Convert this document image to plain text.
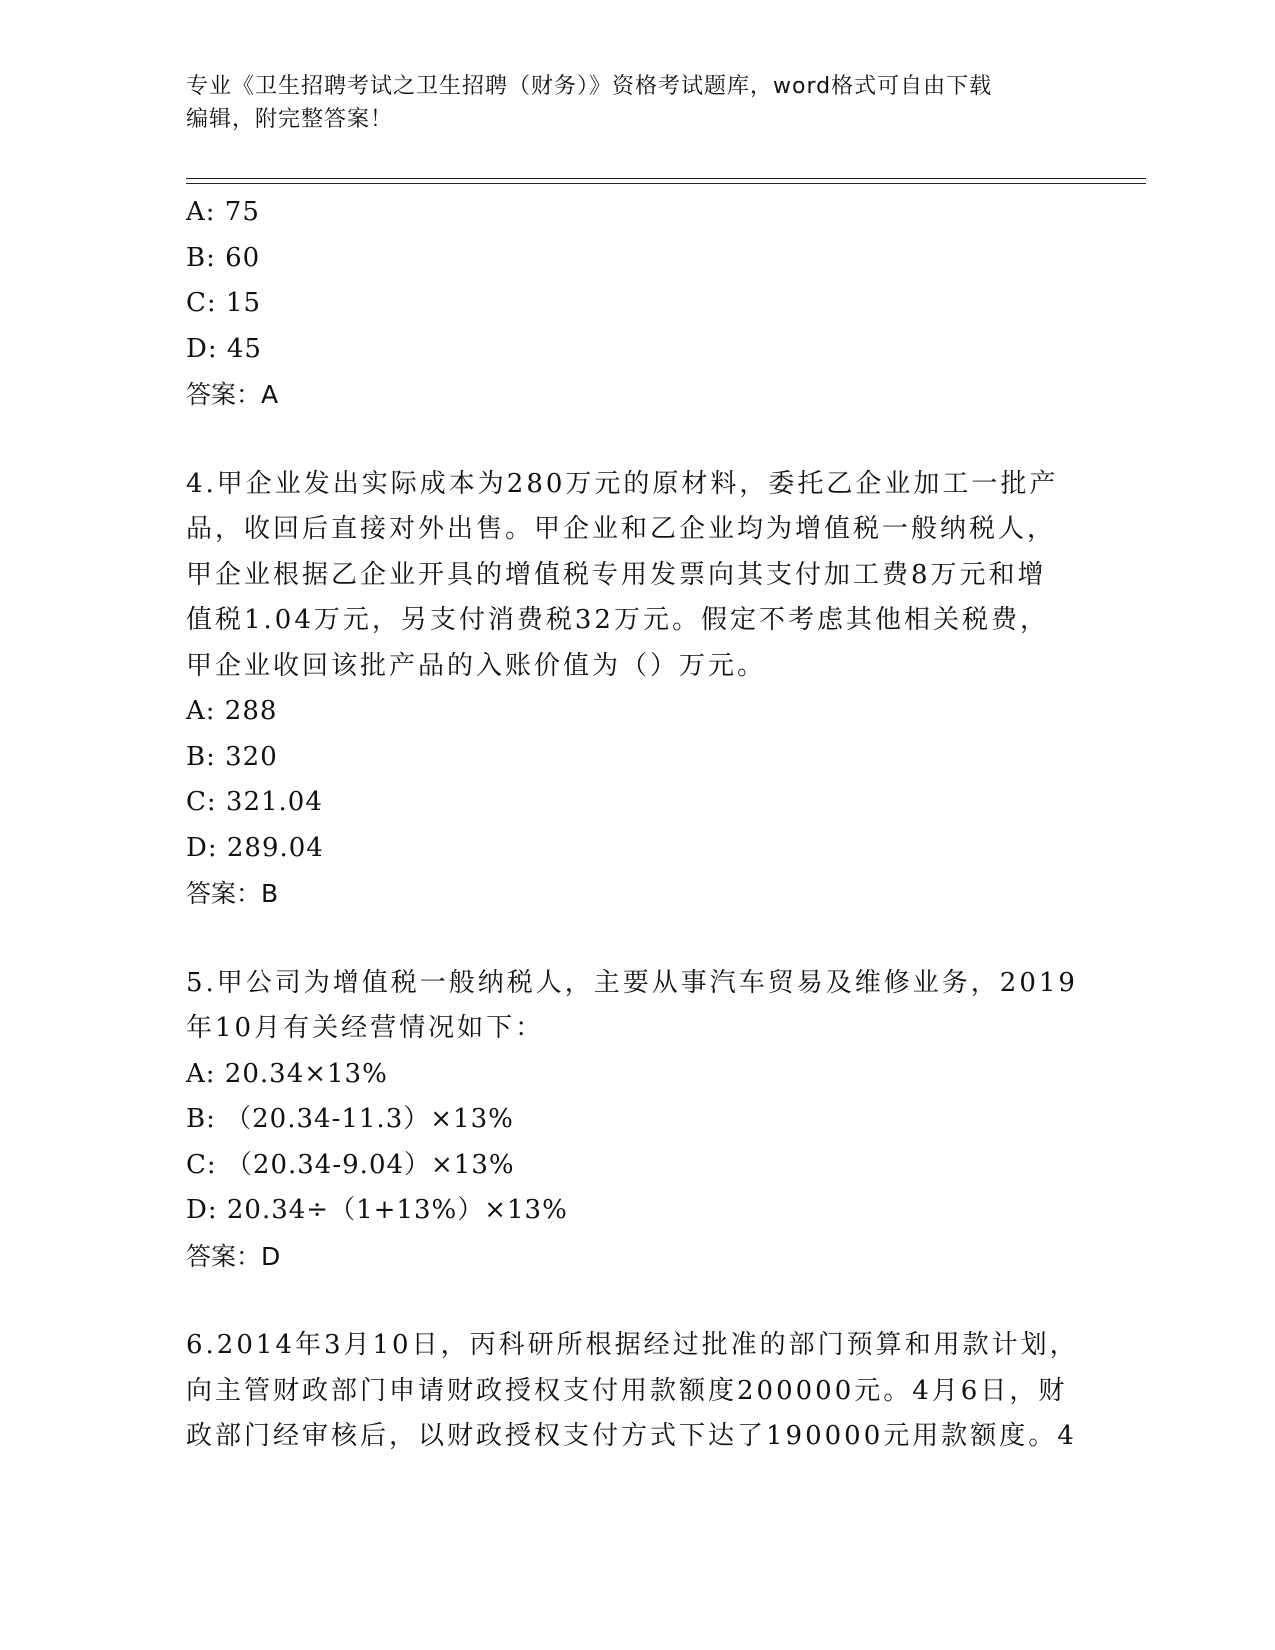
专业《卫生招聘考试之卫生招聘（财务）》资格考试题库，word格式可自由下载
编辑，附完整答案！
A: 75
B: 60
C: 15
D: 45
答案：A
4.甲企业发出实际成本为280万元的原材料，委托乙企业加工一批产
品，收回后直接对外出售。甲企业和乙企业均为增值税一般纳税人，
甲企业根据乙企业开具的增值税专用发票向其支付加工费8万元和增
值税1.04万元，另支付消费税32万元。假定不考虑其他相关税费，
甲企业收回该批产品的入账价值为（）万元。
A: 288
B: 320
C: 321.04
D: 289.04
答案：B
5.甲公司为增值税一般纳税人，主要从事汽车贸易及维修业务，2019
年10月有关经营情况如下：
A: 20.34×13%
B: （20.34-11.3）×13%
C: （20.34-9.04）×13%
D: 20.34÷（1+13%）×13%
答案：D
6.2014年3月10日，丙科研所根据经过批准的部门预算和用款计划，
向主管财政部门申请财政授权支付用款额度200000元。4月6日，财
政部门经审核后，以财政授权支付方式下达了190000元用款额度。4
